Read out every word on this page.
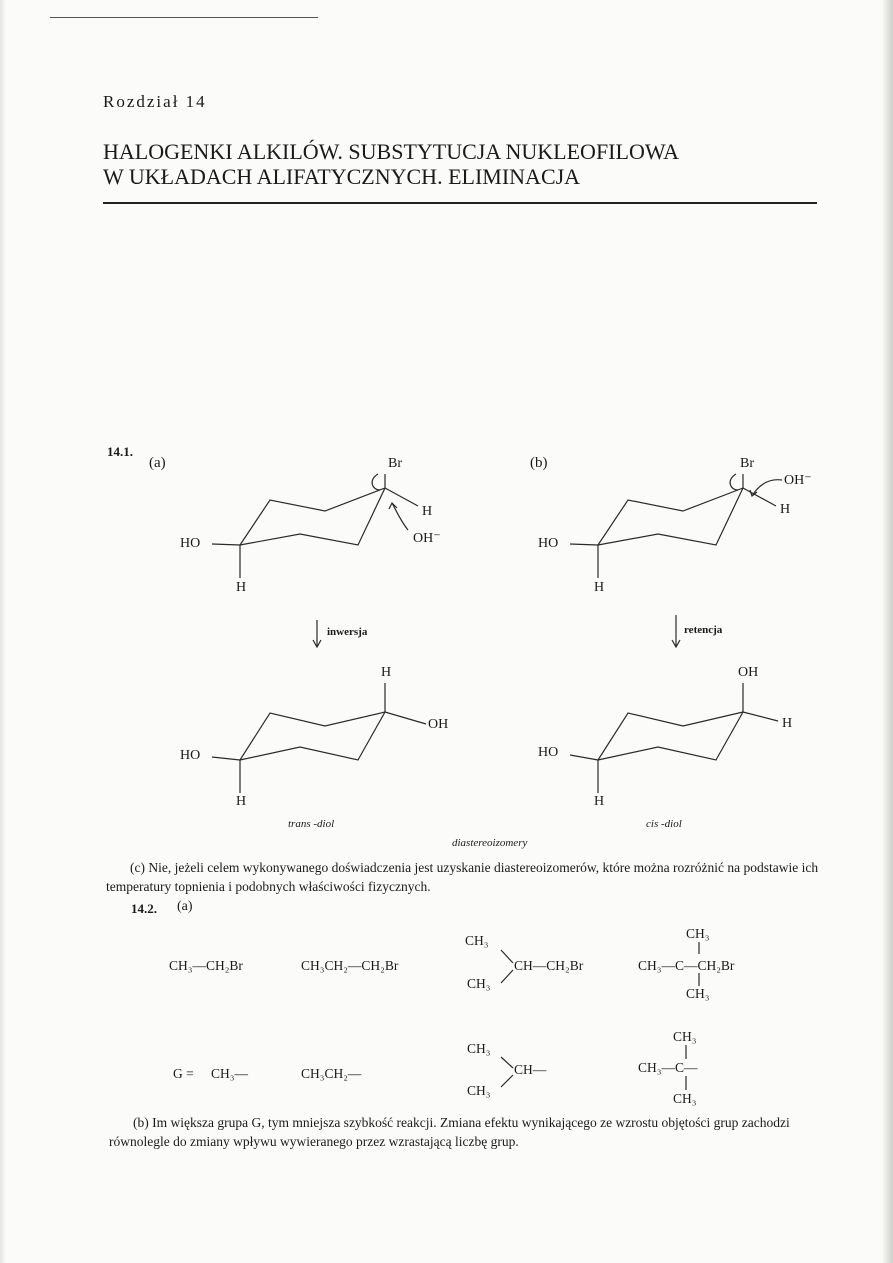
Rozdział 14
HALOGENKI ALKILÓW. SUBSTYTUCJA NUKLEOFILOWA
W UKŁADACH ALIFATYCZNYCH. ELIMINACJA
14.1.
(a)	(b)
Br
H
OH⁻
HO
H
Br
OH⁻
H
HO
H
inwersja	retencja
H
OH
HO
H
OH
H
HO
H
trans -diol	cis -diol
diastereoizomery
(c) Nie, jeżeli celem wykonywanego doświadczenia jest uzyskanie diastereoizomerów, które można rozróżnić na podstawie ich temperatury topnienia i podobnych właściwości fizycznych.
14.2. (a)
CH₃—CH₂Br	CH₃CH₂—CH₂Br
CH₃
CH—CH₂Br
CH₃
CH₃
CH₃—C—CH₂Br
CH₃
G = CH₃—	CH₃CH₂—
CH₃
CH—
CH₃
CH₃
CH₃—C—
CH₃
(b) Im większa grupa G, tym mniejsza szybkość reakcji. Zmiana efektu wynikającego ze wzrostu objętości grup zachodzi równolegle do zmiany wpływu wywieranego przez wzrastającą liczbę grup.
